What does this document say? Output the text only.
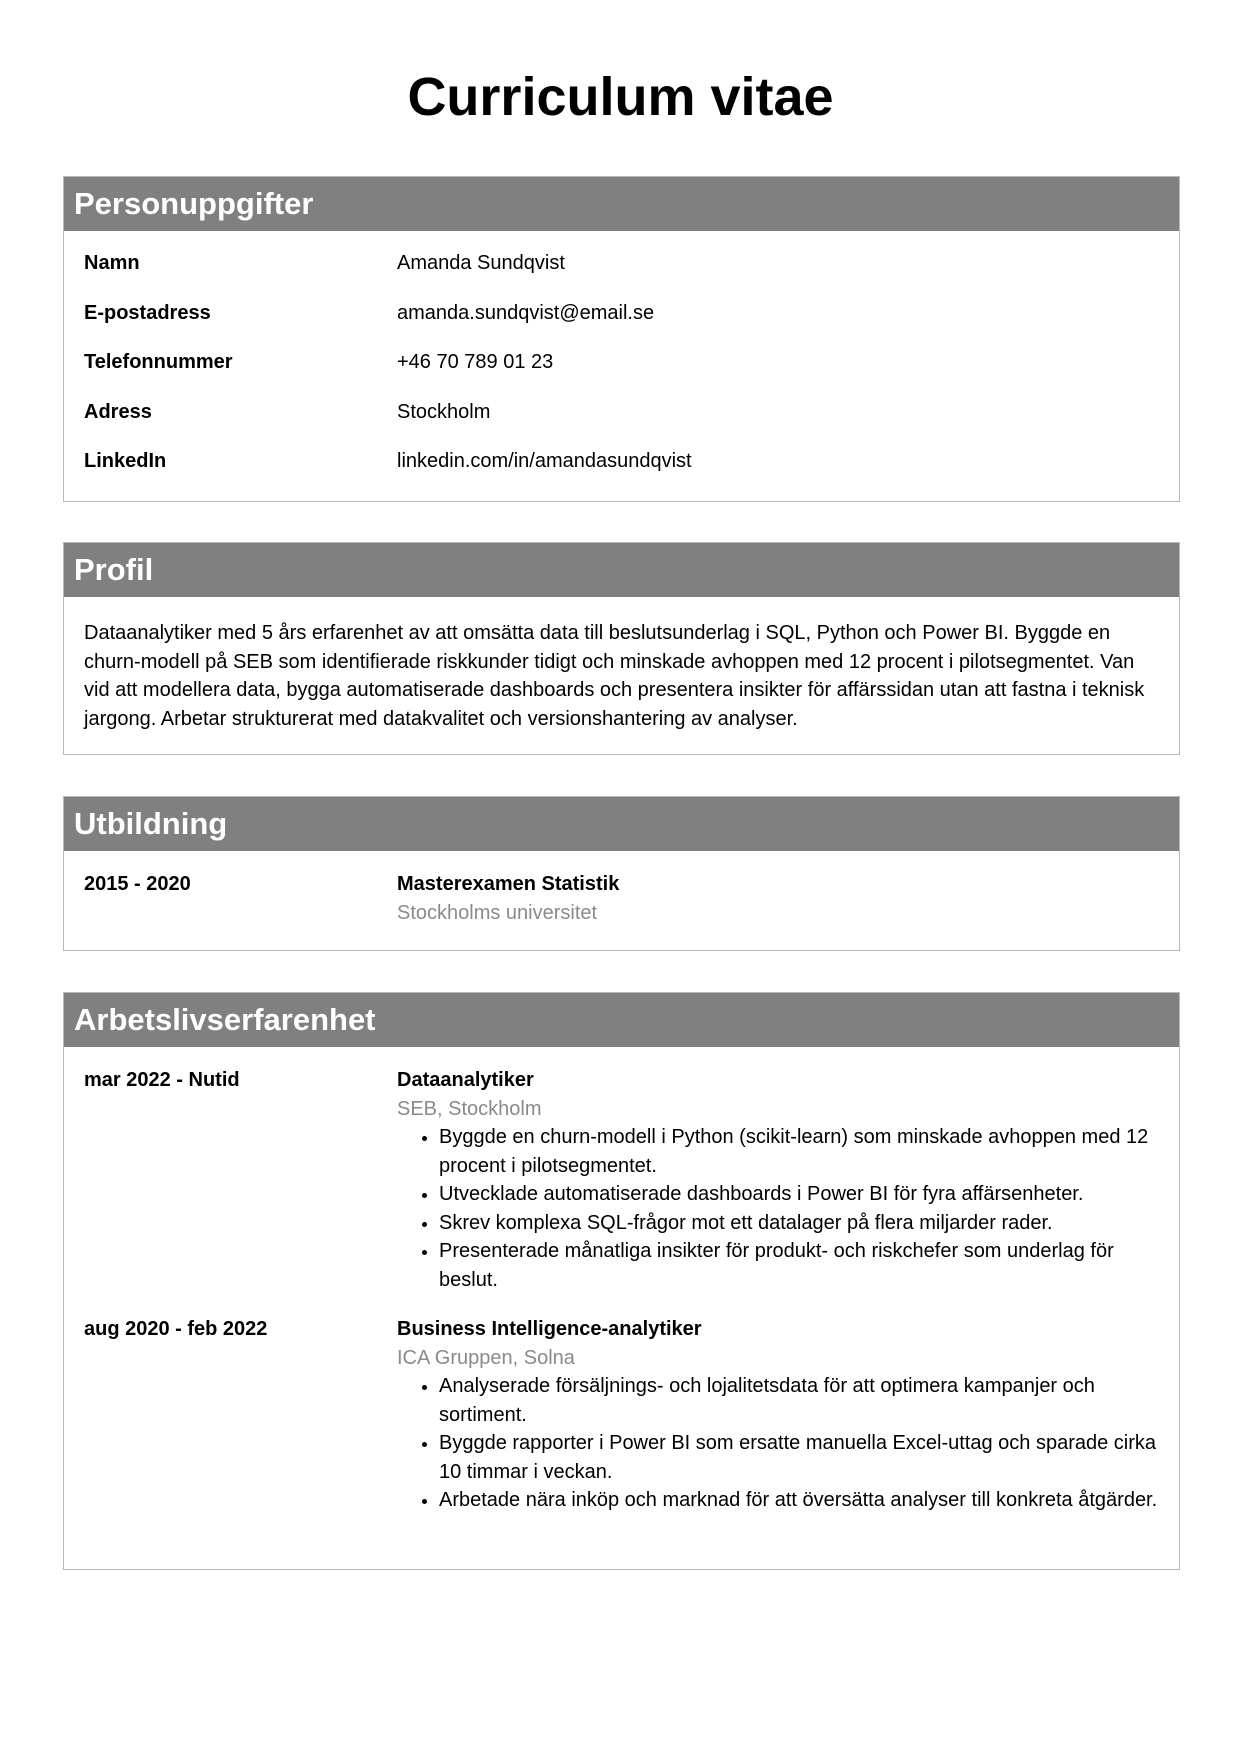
Curriculum vitae
Personuppgifter
Namn	Amanda Sundqvist
E-postadress	amanda.sundqvist@email.se
Telefonnummer	+46 70 789 01 23
Adress	Stockholm
LinkedIn	linkedin.com/in/amandasundqvist
Profil
Dataanalytiker med 5 års erfarenhet av att omsätta data till beslutsunderlag i SQL, Python och Power BI. Byggde en churn-modell på SEB som identifierade riskkunder tidigt och minskade avhoppen med 12 procent i pilotsegmentet. Van vid att modellera data, bygga automatiserade dashboards och presentera insikter för affärssidan utan att fastna i teknisk jargong. Arbetar strukturerat med datakvalitet och versionshantering av analyser.
Utbildning
2015 - 2020	Masterexamen Statistik
Stockholms universitet
Arbetslivserfarenhet
mar 2022 - Nutid	Dataanalytiker
SEB, Stockholm
• Byggde en churn-modell i Python (scikit-learn) som minskade avhoppen med 12 procent i pilotsegmentet.
• Utvecklade automatiserade dashboards i Power BI för fyra affärsenheter.
• Skrev komplexa SQL-frågor mot ett datalager på flera miljarder rader.
• Presenterade månatliga insikter för produkt- och riskchefer som underlag för beslut.
aug 2020 - feb 2022	Business Intelligence-analytiker
ICA Gruppen, Solna
• Analyserade försäljnings- och lojalitetsdata för att optimera kampanjer och sortiment.
• Byggde rapporter i Power BI som ersatte manuella Excel-uttag och sparade cirka 10 timmar i veckan.
• Arbetade nära inköp och marknad för att översätta analyser till konkreta åtgärder.
